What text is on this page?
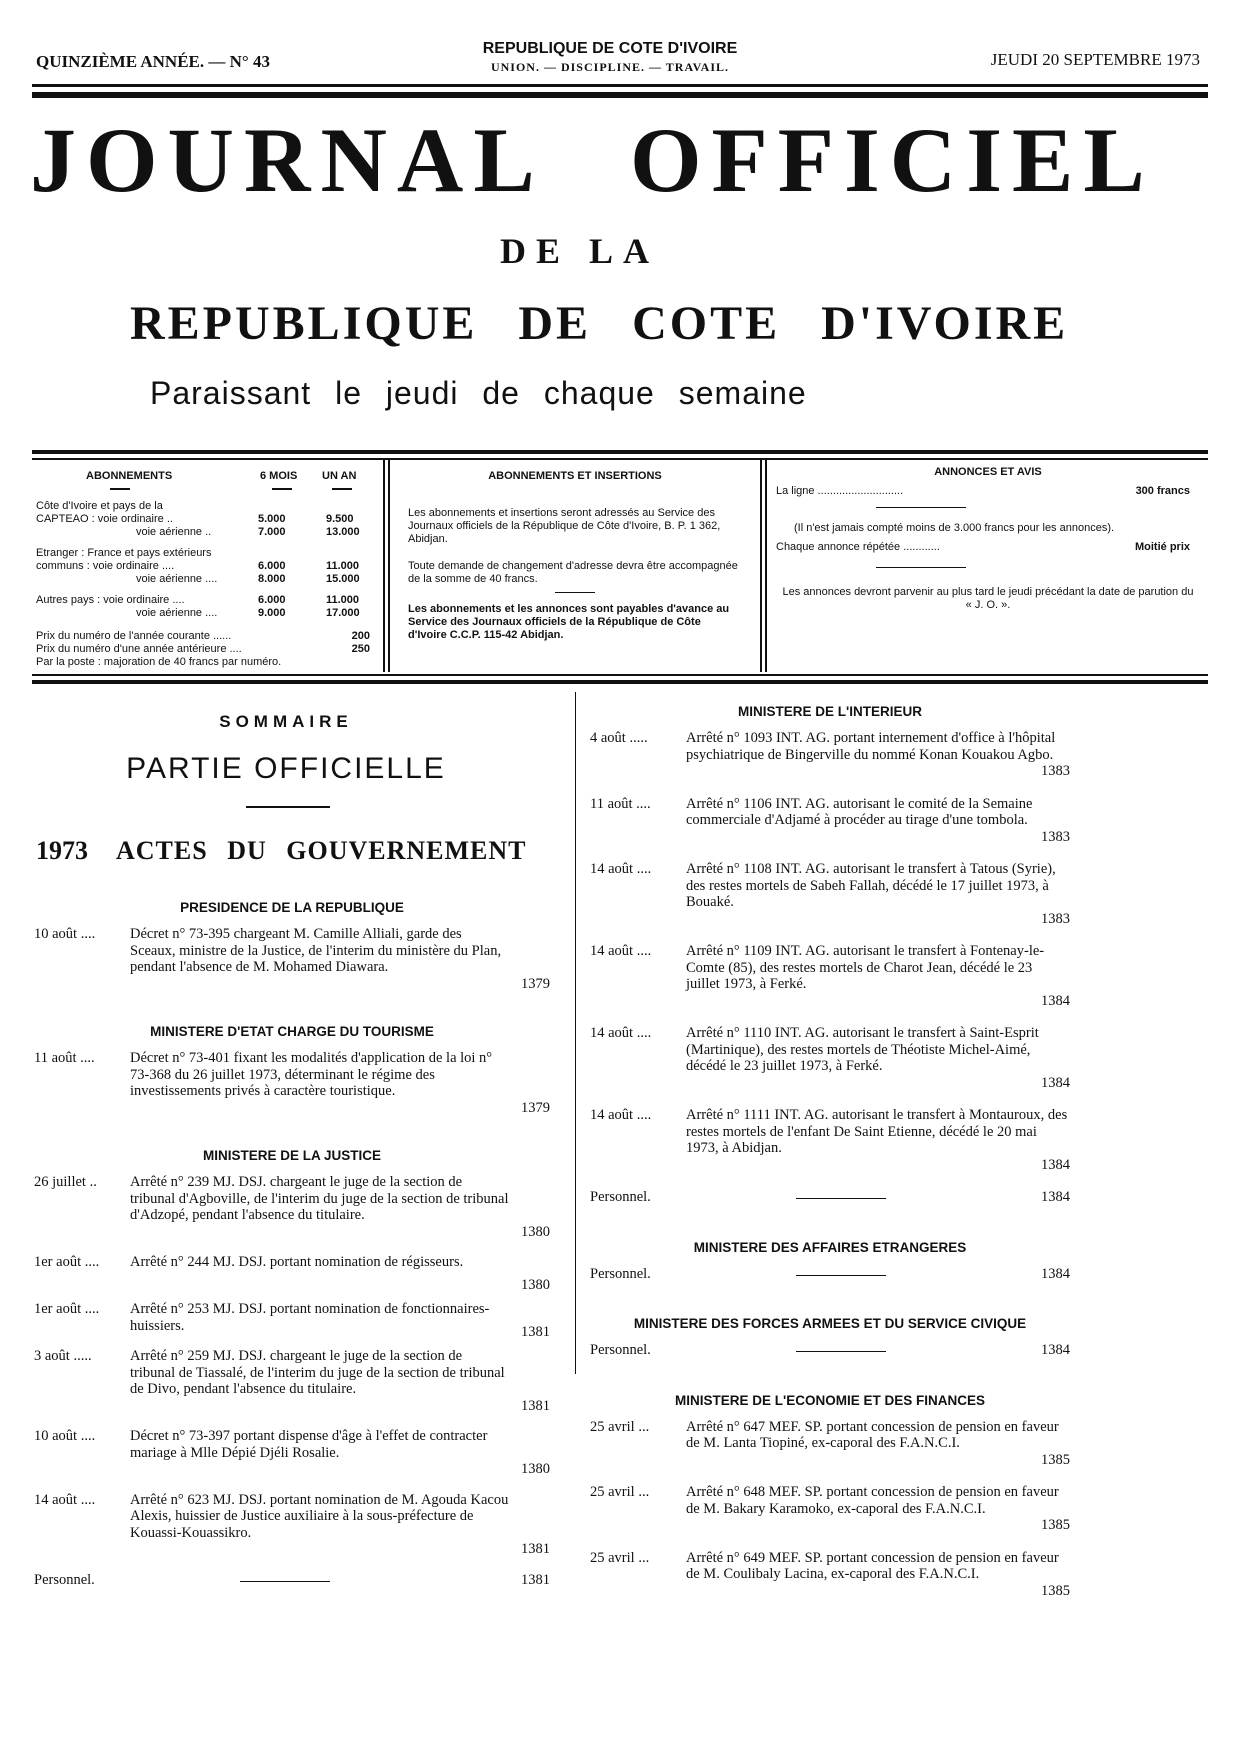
QUINZIÈME ANNÉE. — N° 43
REPUBLIQUE DE COTE D'IVOIRE
UNION. — DISCIPLINE. — TRAVAIL.	JEUDI 20 SEPTEMBRE 1973
JOURNAL OFFICIEL
DE LA
REPUBLIQUE DE COTE D'IVOIRE
Paraissant le jeudi de chaque semaine
ABONNEMENTS	6 MOIS UN AN
Côte d'Ivoire et pays de la
CAPTEAO : voie ordinaire ..	5.000	9.500
voie aérienne ..	7.000	13.000
Etranger : France et pays extérieurs
communs : voie ordinaire ....	6.000	11.000
voie aérienne ....	8.000	15.000
Autres pays : voie ordinaire ....	6.000	11.000
voie aérienne ....	9.000	17.000
Prix du numéro de l'année courante ......	200
Prix du numéro d'une année antérieure ....	250
Par la poste : majoration de 40 francs par numéro.
ABONNEMENTS ET INSERTIONS
Les abonnements et insertions seront adressés au Service des Journaux officiels de la République de Côte d'Ivoire, B. P. 1 362, Abidjan.
Toute demande de changement d'adresse devra être accompagnée de la somme de 40 francs.
Les abonnements et les annonces sont payables d'avance au Service des Journaux officiels de la République de Côte d'Ivoire C.C.P. 115-42 Abidjan.
ANNONCES ET AVIS
La ligne ............................	300 francs
(Il n'est jamais compté moins de 3.000 francs pour les annonces).
Chaque annonce répétée ............	Moitié prix
Les annonces devront parvenir au plus tard le jeudi précédant la date de parution du « J. O. ».
SOMMAIRE
PARTIE OFFICIELLE
1973 ACTES DU GOUVERNEMENT
PRESIDENCE DE LA REPUBLIQUE
10 août .... Décret n° 73-395 chargeant M. Camille Alliali, garde des Sceaux, ministre de la Justice, de l'interim du ministère du Plan, pendant l'absence de M. Mohamed Diawara.
1379
MINISTERE D'ETAT CHARGE DU TOURISME
11 août .... Décret n° 73-401 fixant les modalités d'application de la loi n° 73-368 du 26 juillet 1973, déterminant le régime des investissements privés à caractère touristique.
1379
MINISTERE DE LA JUSTICE
26 juillet .. Arrêté n° 239 MJ. DSJ. chargeant le juge de la section de tribunal d'Agboville, de l'interim du juge de la section de tribunal d'Adzopé, pendant l'absence du titulaire.
1380
1er août .... Arrêté n° 244 MJ. DSJ. portant nomination de régisseurs.
1380
1er août .... Arrêté n° 253 MJ. DSJ. portant nomination de fonctionnaires-huissiers.	1381
3 août .....	Arrêté n° 259 MJ. DSJ. chargeant le juge de la section de tribunal de Tiassalé, de l'interim du juge de la section de tribunal de Divo, pendant l'absence du titulaire.
1381
10 août .... Décret n° 73-397 portant dispense d'âge à l'effet de contracter mariage à Mlle Dépié Djéli Rosalie.
1380
14 août .... Arrêté n° 623 MJ. DSJ. portant nomination de M. Agouda Kacou Alexis, huissier de Justice auxiliaire à la sous-préfecture de Kouassi-Kouassikro.
1381
Personnel.	1381
MINISTERE DE L'INTERIEUR
4 août .....	Arrêté n° 1093 INT. AG. portant internement d'office à l'hôpital psychiatrique de Bingerville du nommé Konan Kouakou Agbo.
1383
11 août .... Arrêté n° 1106 INT. AG. autorisant le comité de la Semaine commerciale d'Adjamé à procéder au tirage d'une tombola.
1383
14 août .... Arrêté n° 1108 INT. AG. autorisant le transfert à Tatous (Syrie), des restes mortels de Sabeh Fallah, décédé le 17 juillet 1973, à Bouaké.
1383
14 août .... Arrêté n° 1109 INT. AG. autorisant le transfert à Fontenay-le-Comte (85), des restes mortels de Charot Jean, décédé le 23 juillet 1973, à Ferké.
1384
14 août .... Arrêté n° 1110 INT. AG. autorisant le transfert à Saint-Esprit (Martinique), des restes mortels de Théotiste Michel-Aimé, décédé le 23 juillet 1973, à Ferké.
1384
14 août .... Arrêté n° 1111 INT. AG. autorisant le transfert à Montauroux, des restes mortels de l'enfant De Saint Etienne, décédé le 20 mai 1973, à Abidjan.
1384
Personnel.	1384
MINISTERE DES AFFAIRES ETRANGERES
Personnel.	1384
MINISTERE DES FORCES ARMEES ET DU SERVICE CIVIQUE
Personnel.	1384
MINISTERE DE L'ECONOMIE ET DES FINANCES
25 avril ...	Arrêté n° 647 MEF. SP. portant concession de pension en faveur de M. Lanta Tiopiné, ex-caporal des F.A.N.C.I.
1385
25 avril ...	Arrêté n° 648 MEF. SP. portant concession de pension en faveur de M. Bakary Karamoko, ex-caporal des F.A.N.C.I.
1385
25 avril ...	Arrêté n° 649 MEF. SP. portant concession de pension en faveur de M. Coulibaly Lacina, ex-caporal des F.A.N.C.I.
1385
